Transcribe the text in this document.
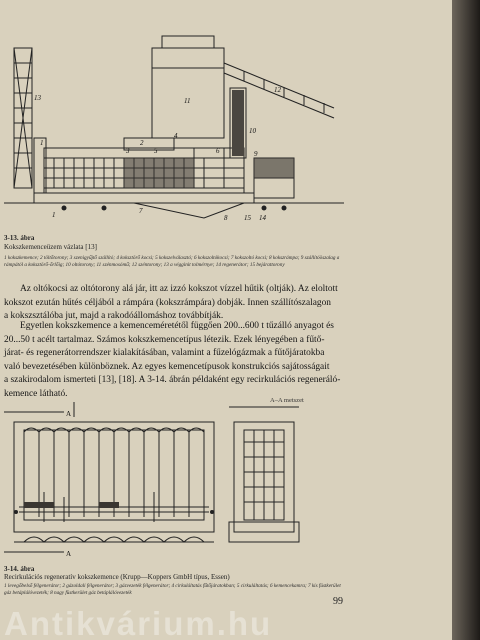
13	11
10
12
4
5	6	9
3
2
1
7
8 15 14
1
3-13. ábra
Kokszkemenceüzem vázlata [13]
1 kokszkemence; 2 töltőtorony; 3 szenigyűjtő szállító; 4 koksztörő kocsi; 5 kokszelválasztó; 6 kokszoltókocsi; 7 kokszoltó kocsi; 8 kokszrámpa; 9 szállítóöszalag a rámpától a koksztörő-őrlőig; 10 oltótorony; 11 szénmosómű; 12 széntorony; 13 a végginit tolmérnye; 14 regenerátor; 15 bejárattorony
Az oltókocsi az oltótorony alá jár, itt az izzó kokszot vízzel hűtik (oltják). Az eloltott
kokszot ezután hűtés céljából a rámpára (kokszrámpára) dobják. Innen szállítószalagon
a kokszsztálóba jut, majd a rakodóállomáshoz továbbítják.
Egyetlen kokszkemence a kemenceméretétől függően 200...600 t tűzálló anyagot és
20...50 t acélt tartalmaz. Számos kokszkemencetípus létezik. Ezek lényegében a fűtő-
járat- és regenerátorrendszer kialakításában, valamint a fűzelógázmak a fűtőjáratokba
való bevezetésében különböznek. Az egyes kemencetípusok konstrukciós sajátosságait
a szakirodalom ismerteti [13], [18]. A 3-14. ábrán példaként egy recirkulációs regeneráló-
kemence látható.
A–A metszet
A
A
3-14. ábra
Recirkulációs regeneratív kokszkemence (Krupp—Koppers GmbH típus, Essen)
1 levegőbelső félgenerátor; 2 gázoldali félgenerátor; 3 gázvezeték félgenerátor; 4 cirkuláltatás fűtőjáratokban; 5 cirkuláltatás; 6 kemencekamra; 7 kis füstkerület gáz betáplálóvezeték; 8 nagy füstkerület gáz betáplálóvezeték
99
Antikvárium.hu
